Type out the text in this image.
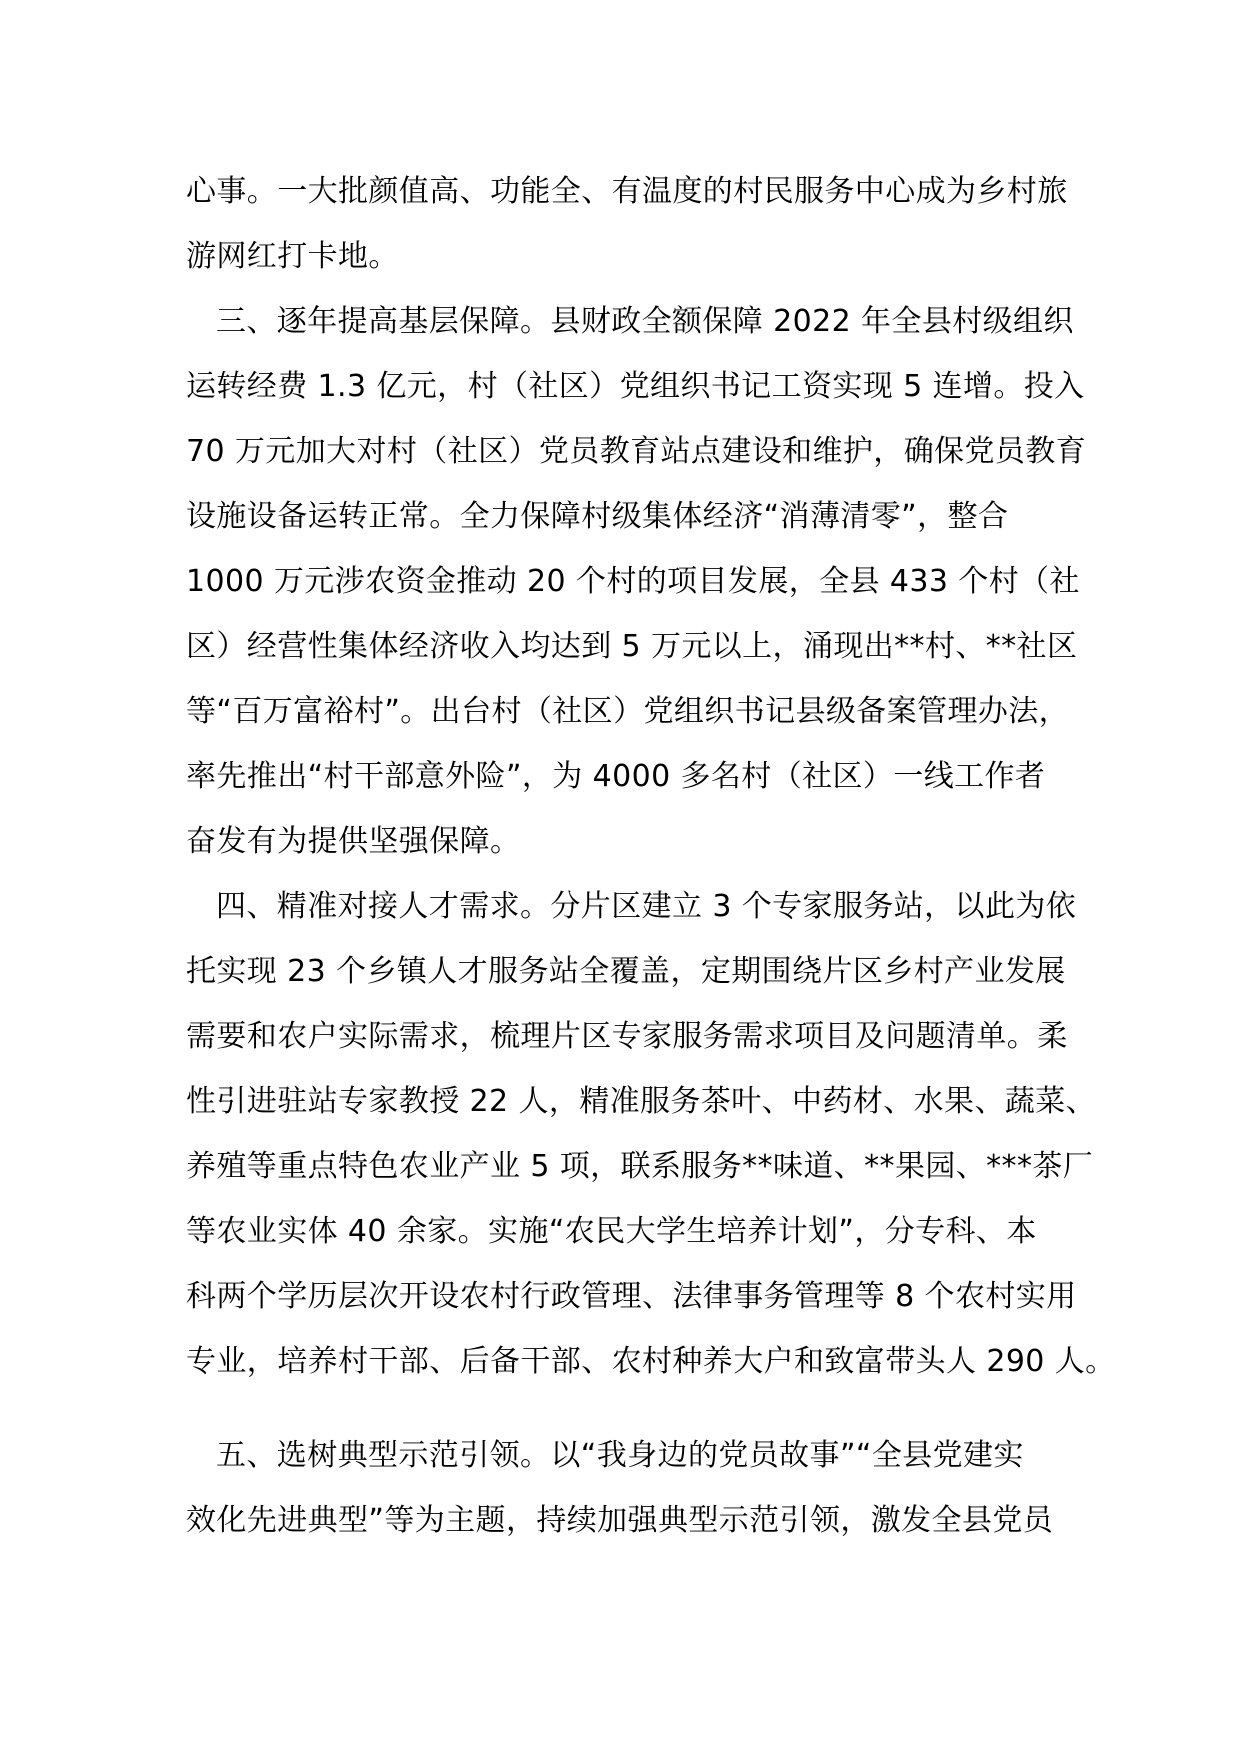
心事。一大批颜值高、功能全、有温度的村民服务中心成为乡村旅
游网红打卡地。
三、逐年提高基层保障。县财政全额保障 2022 年全县村级组织
运转经费 1.3 亿元，村（社区）党组织书记工资实现 5 连增。投入
70 万元加大对村（社区）党员教育站点建设和维护，确保党员教育
设施设备运转正常。全力保障村级集体经济“消薄清零”，整合
1000 万元涉农资金推动 20 个村的项目发展，全县 433 个村（社
区）经营性集体经济收入均达到 5 万元以上，涌现出**村、**社区
等“百万富裕村”。出台村（社区）党组织书记县级备案管理办法，
率先推出“村干部意外险”，为 4000 多名村（社区）一线工作者
奋发有为提供坚强保障。
四、精准对接人才需求。分片区建立 3 个专家服务站，以此为依
托实现 23 个乡镇人才服务站全覆盖，定期围绕片区乡村产业发展
需要和农户实际需求，梳理片区专家服务需求项目及问题清单。柔
性引进驻站专家教授 22 人，精准服务茶叶、中药材、水果、蔬菜、
养殖等重点特色农业产业 5 项，联系服务**味道、**果园、***茶厂
等农业实体 40 余家。实施“农民大学生培养计划”，分专科、本
科两个学历层次开设农村行政管理、法律事务管理等 8 个农村实用
专业，培养村干部、后备干部、农村种养大户和致富带头人 290 人。
五、选树典型示范引领。以“我身边的党员故事”“全县党建实
效化先进典型”等为主题，持续加强典型示范引领，激发全县党员
